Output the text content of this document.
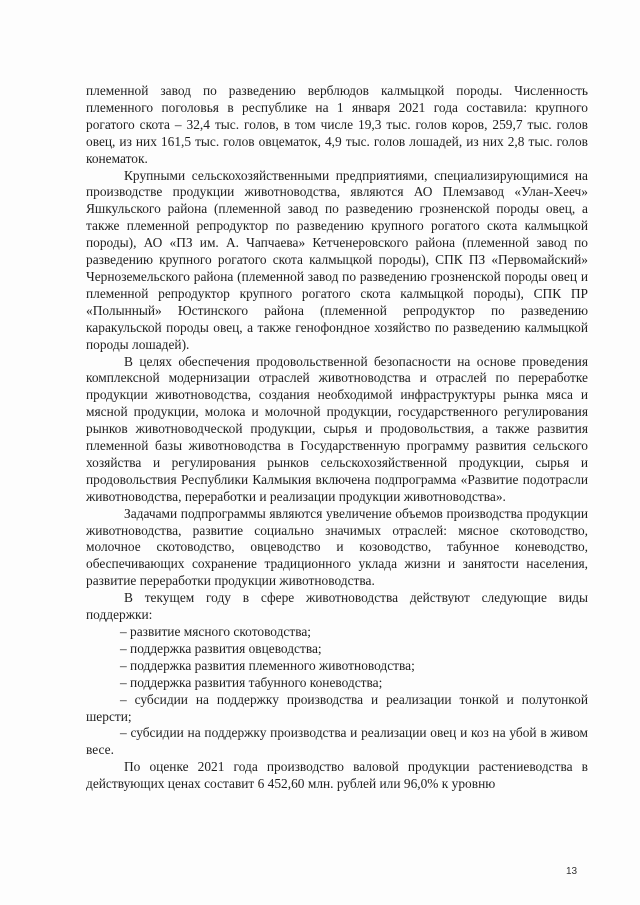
племенной завод по разведению верблюдов калмыцкой породы. Численность племенного поголовья в республике на 1 января 2021 года составила: крупного рогатого скота – 32,4 тыс. голов, в том числе 19,3 тыс. голов коров, 259,7 тыс. голов овец, из них 161,5 тыс. голов овцематок, 4,9 тыс. голов лошадей, из них 2,8 тыс. голов конематок.

Крупными сельскохозяйственными предприятиями, специализирующимися на производстве продукции животноводства, являются АО Племзавод «Улан-Хееч» Яшкульского района (племенной завод по разведению грозненской породы овец, а также племенной репродуктор по разведению крупного рогатого скота калмыцкой породы), АО «ПЗ им. А. Чапчаева» Кетченеровского района (племенной завод по разведению крупного рогатого скота калмыцкой породы), СПК ПЗ «Первомайский» Черноземельского района (племенной завод по разведению грозненской породы овец и племенной репродуктор крупного рогатого скота калмыцкой породы), СПК ПР «Полынный» Юстинского района (племенной репродуктор по разведению каракульской породы овец, а также генофондное хозяйство по разведению калмыцкой породы лошадей).

В целях обеспечения продовольственной безопасности на основе проведения комплексной модернизации отраслей животноводства и отраслей по переработке продукции животноводства, создания необходимой инфраструктуры рынка мяса и мясной продукции, молока и молочной продукции, государственного регулирования рынков животноводческой продукции, сырья и продовольствия, а также развития племенной базы животноводства в Государственную программу развития сельского хозяйства и регулирования рынков сельскохозяйственной продукции, сырья и продовольствия Республики Калмыкия включена подпрограмма «Развитие подотрасли животноводства, переработки и реализации продукции животноводства».

Задачами подпрограммы являются увеличение объемов производства продукции животноводства, развитие социально значимых отраслей: мясное скотоводство, молочное скотоводство, овцеводство и козоводство, табунное коневодство, обеспечивающих сохранение традиционного уклада жизни и занятости населения, развитие переработки продукции животноводства.

В текущем году в сфере животноводства действуют следующие виды поддержки:

– развитие мясного скотоводства;

– поддержка развития овцеводства;

– поддержка развития племенного животноводства;

– поддержка развития табунного коневодства;

– субсидии на поддержку производства и реализации тонкой и полутонкой шерсти;

– субсидии на поддержку производства и реализации овец и коз на убой в живом весе.

По оценке 2021 года производство валовой продукции растениеводства в действующих ценах составит 6 452,60 млн. рублей или 96,0% к уровню

13
